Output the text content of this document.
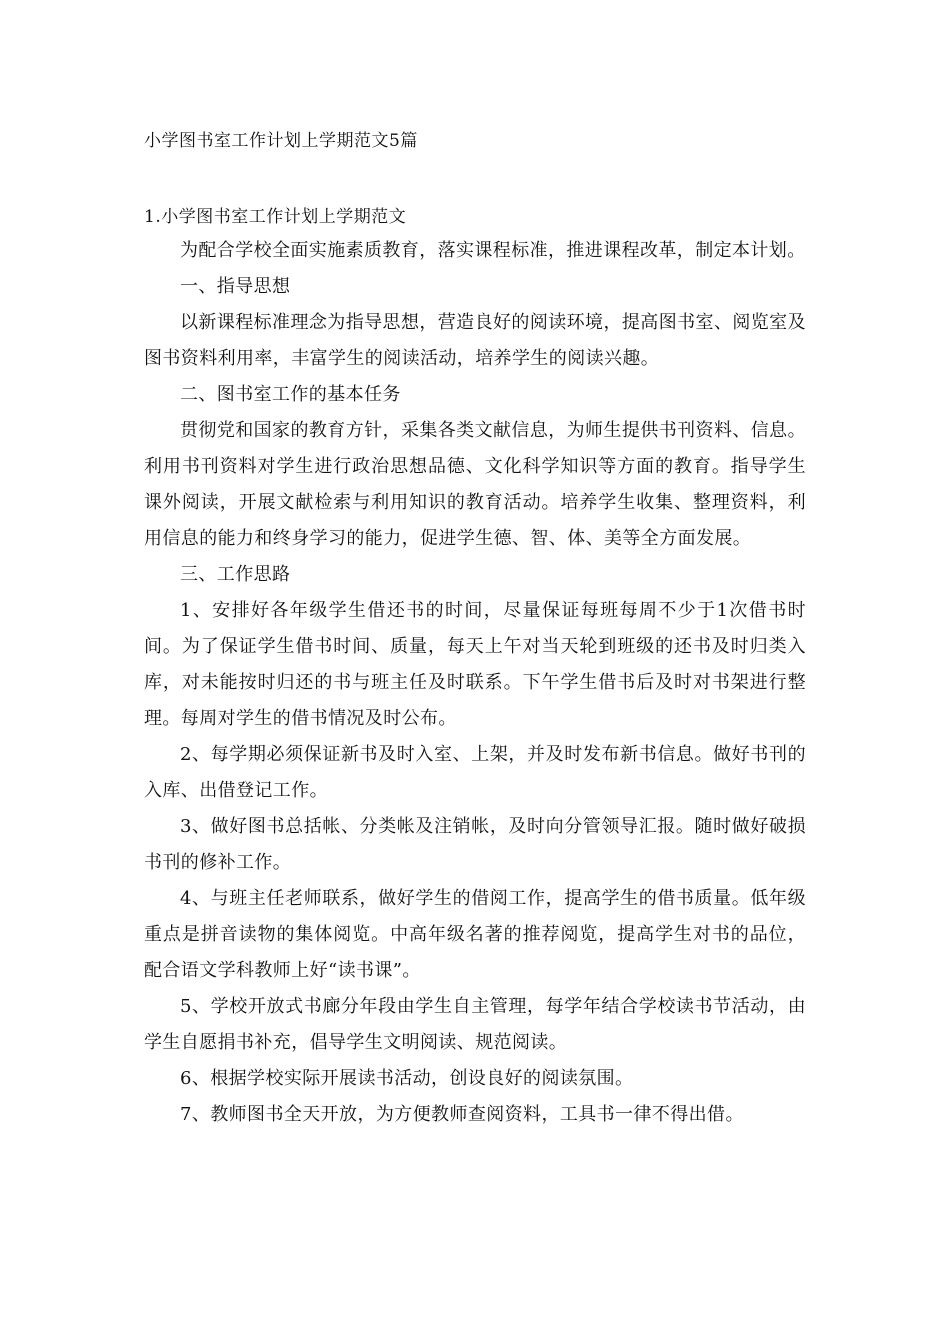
小学图书室工作计划上学期范文5篇
1.小学图书室工作计划上学期范文

为配合学校全面实施素质教育，落实课程标准，推进课程改革，制定本计划。

一、指导思想

以新课程标准理念为指导思想，营造良好的阅读环境，提高图书室、阅览室及图书资料利用率，丰富学生的阅读活动，培养学生的阅读兴趣。

二、图书室工作的基本任务

贯彻党和国家的教育方针，采集各类文献信息，为师生提供书刊资料、信息。利用书刊资料对学生进行政治思想品德、文化科学知识等方面的教育。指导学生课外阅读，开展文献检索与利用知识的教育活动。培养学生收集、整理资料，利用信息的能力和终身学习的能力，促进学生德、智、体、美等全方面发展。

三、工作思路

1、安排好各年级学生借还书的时间，尽量保证每班每周不少于1次借书时间。为了保证学生借书时间、质量，每天上午对当天轮到班级的还书及时归类入库，对未能按时归还的书与班主任及时联系。下午学生借书后及时对书架进行整理。每周对学生的借书情况及时公布。

2、每学期必须保证新书及时入室、上架，并及时发布新书信息。做好书刊的入库、出借登记工作。

3、做好图书总括帐、分类帐及注销帐，及时向分管领导汇报。随时做好破损书刊的修补工作。

4、与班主任老师联系，做好学生的借阅工作，提高学生的借书质量。低年级重点是拼音读物的集体阅览。中高年级名著的推荐阅览，提高学生对书的品位，配合语文学科教师上好“读书课”。

5、学校开放式书廊分年段由学生自主管理，每学年结合学校读书节活动，由学生自愿捐书补充，倡导学生文明阅读、规范阅读。

6、根据学校实际开展读书活动，创设良好的阅读氛围。

7、教师图书全天开放，为方便教师查阅资料，工具书一律不得出借。
